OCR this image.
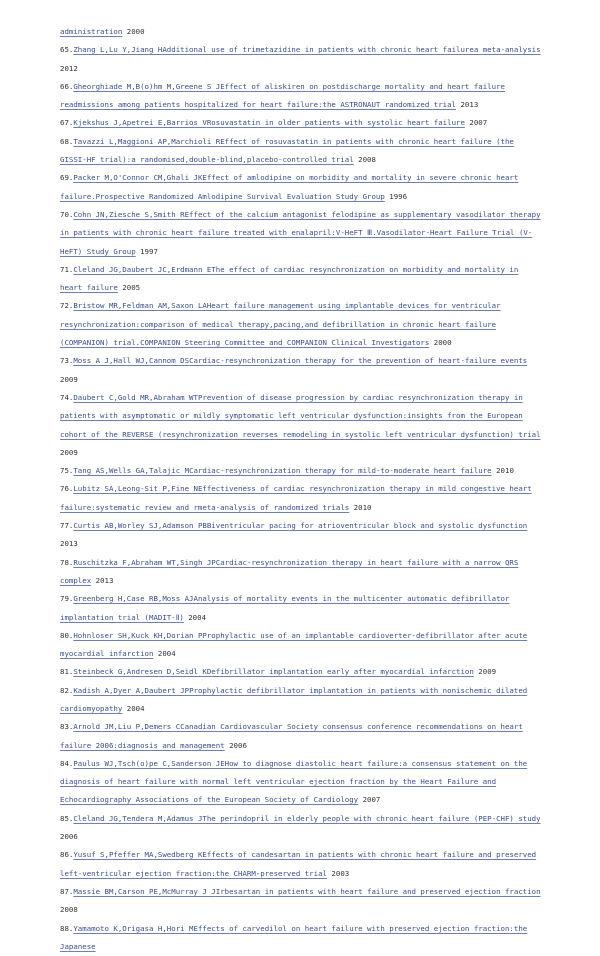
administration 2000
65.Zhang L,Lu Y,Jiang HAdditional use of trimetazidine in patients with chronic heart failurea meta-analysis 2012
66.Gheorghiade M,B(o)hm M,Greene S JEffect of aliskiren on postdischarge mortality and heart failure readmissions among patients hospitalized for heart failure:the ASTRONAUT randomized trial 2013
67.Kjekshus J,Apetrei E,Barrios VRosuvastatin in older patients with systolic heart failure 2007
68.Tavazzi L,Maggioni AP,Marchioli REffect of rosuvastatin in patients with chronic heart failure (the GISSI-HF trial):a randomised,double-blind,placebo-controlled trial 2008
69.Packer M,O'Connor CM,Ghali JKEffect of amlodipine on morbidity and mortality in severe chronic heart failure.Prospective Randomized Amlodipine Survival Evaluation Study Group 1996
70.Cohn JN,Ziesche S,Smith REffect of the calcium antagonist felodipine as supplementary vasodilator therapy in patients with chronic heart failure treated with enalapril:V-HeFT Ⅲ.Vasodilator-Heart Failure Trial (V-HeFT) Study Group 1997
71.Cleland JG,Daubert JC,Erdmann EThe effect of cardiac resynchronization on morbidity and mortality in heart failure 2005
72.Bristow MR,Feldman AM,Saxon LAHeart failure management using implantable devices for ventricular resynchronization:comparison of medical therapy,pacing,and defibrillation in chronic heart failure (COMPANION) trial.COMPANION Steering Committee and COMPANION Clinical Investigators 2000
73.Moss A J,Hall WJ,Cannom DSCardiac-resynchronization therapy for the prevention of heart-failure events 2009
74.Daubert C,Gold MR,Abraham WTPrevention of disease progression by cardiac resynchronization therapy in patients with asymptomatic or mildly symptomatic left ventricular dysfunction:insights from the European cohort of the REVERSE (resynchronization reverses remodeling in systolic left ventricular dysfunction) trial 2009
75.Tang AS,Wells GA,Talajic MCardiac-resynchronization therapy for mild-to-moderate heart failure 2010
76.Lubitz SA,Leong-Sit P,Fine NEffectiveness of cardiac resynchronization therapy in mild congestive heart failure:systematic review and rmeta-analysis of randomized trials 2010
77.Curtis AB,Worley SJ,Adamson PBBiventricular pacing for atrioventricular block and systolic dysfunction 2013
78.Ruschitzka F,Abraham WT,Singh JPCardiac-resynchronization therapy in heart failure with a narrow QRS complex 2013
79.Greenberg H,Case RB,Moss AJAnalysis of mortality events in the multicenter automatic defibrillator implantation trial (MADIT-Ⅱ) 2004
80.Hohnloser SH,Kuck KH,Dorian PProphylactic use of an implantable cardioverter-defibrillator after acute myocardial infarction 2004
81.Steinbeck G,Andresen D,Seidl KDefibrillator implantation early after myocardial infarction 2009
82.Kadish A,Dyer A,Daubert JPProphylactic defibrillator implantation in patients with nonischemic dilated cardiomyopathy 2004
83.Arnold JM,Liu P,Demers CCanadian Cardiovascular Society consensus conference recommendations on heart failure 2006:diagnosis and management 2006
84.Paulus WJ,Tsch(o)pe C,Sanderson JEHow to diagnose diastolic heart failure:a consensus statement on the diagnosis of heart failure with normal left ventricular ejection fraction by the Heart Failure and Echocardiography Associations of the European Society of Cardiology 2007
85.Cleland JG,Tendera M,Adamus JThe perindopril in elderly people with chronic heart failure (PEP-CHF) study 2006
86.Yusuf S,Pfeffer MA,Swedberg KEffects of candesartan in patients with chronic heart failure and preserved left-ventricular ejection fraction:the CHARM-preserved trial 2003
87.Massie BM,Carson PE,McMurray J JIrbesartan in patients with heart failure and preserved ejection fraction 2008
88.Yamamoto K,Origasa H,Hori MEffects of carvedilol on heart failure with preserved ejection fraction:the Japanese
